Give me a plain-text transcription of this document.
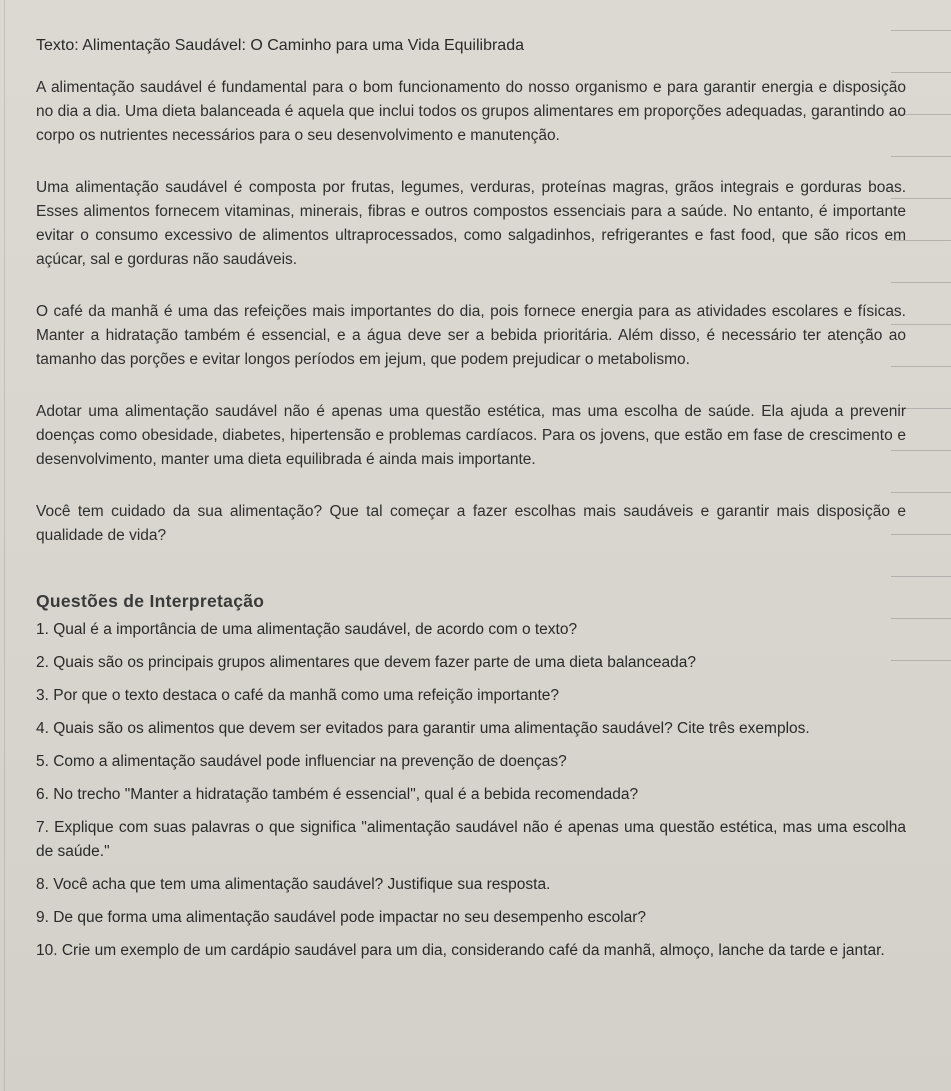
Texto: Alimentação Saudável: O Caminho para uma Vida Equilibrada

A alimentação saudável é fundamental para o bom funcionamento do nosso organismo e para garantir energia e disposição no dia a dia. Uma dieta balanceada é aquela que inclui todos os grupos alimentares em proporções adequadas, garantindo ao corpo os nutrientes necessários para o seu desenvolvimento e manutenção.

Uma alimentação saudável é composta por frutas, legumes, verduras, proteínas magras, grãos integrais e gorduras boas. Esses alimentos fornecem vitaminas, minerais, fibras e outros compostos essenciais para a saúde. No entanto, é importante evitar o consumo excessivo de alimentos ultraprocessados, como salgadinhos, refrigerantes e fast food, que são ricos em açúcar, sal e gorduras não saudáveis.

O café da manhã é uma das refeições mais importantes do dia, pois fornece energia para as atividades escolares e físicas. Manter a hidratação também é essencial, e a água deve ser a bebida prioritária. Além disso, é necessário ter atenção ao tamanho das porções e evitar longos períodos em jejum, que podem prejudicar o metabolismo.

Adotar uma alimentação saudável não é apenas uma questão estética, mas uma escolha de saúde. Ela ajuda a prevenir doenças como obesidade, diabetes, hipertensão e problemas cardíacos. Para os jovens, que estão em fase de crescimento e desenvolvimento, manter uma dieta equilibrada é ainda mais importante.

Você tem cuidado da sua alimentação? Que tal começar a fazer escolhas mais saudáveis e garantir mais disposição e qualidade de vida?

Questões de Interpretação

1. Qual é a importância de uma alimentação saudável, de acordo com o texto?

2. Quais são os principais grupos alimentares que devem fazer parte de uma dieta balanceada?

3. Por que o texto destaca o café da manhã como uma refeição importante?

4. Quais são os alimentos que devem ser evitados para garantir uma alimentação saudável? Cite três exemplos.

5. Como a alimentação saudável pode influenciar na prevenção de doenças?

6. No trecho "Manter a hidratação também é essencial", qual é a bebida recomendada?

7. Explique com suas palavras o que significa "alimentação saudável não é apenas uma questão estética, mas uma escolha de saúde."

8. Você acha que tem uma alimentação saudável? Justifique sua resposta.

9. De que forma uma alimentação saudável pode impactar no seu desempenho escolar?

10. Crie um exemplo de um cardápio saudável para um dia, considerando café da manhã, almoço, lanche da tarde e jantar.
